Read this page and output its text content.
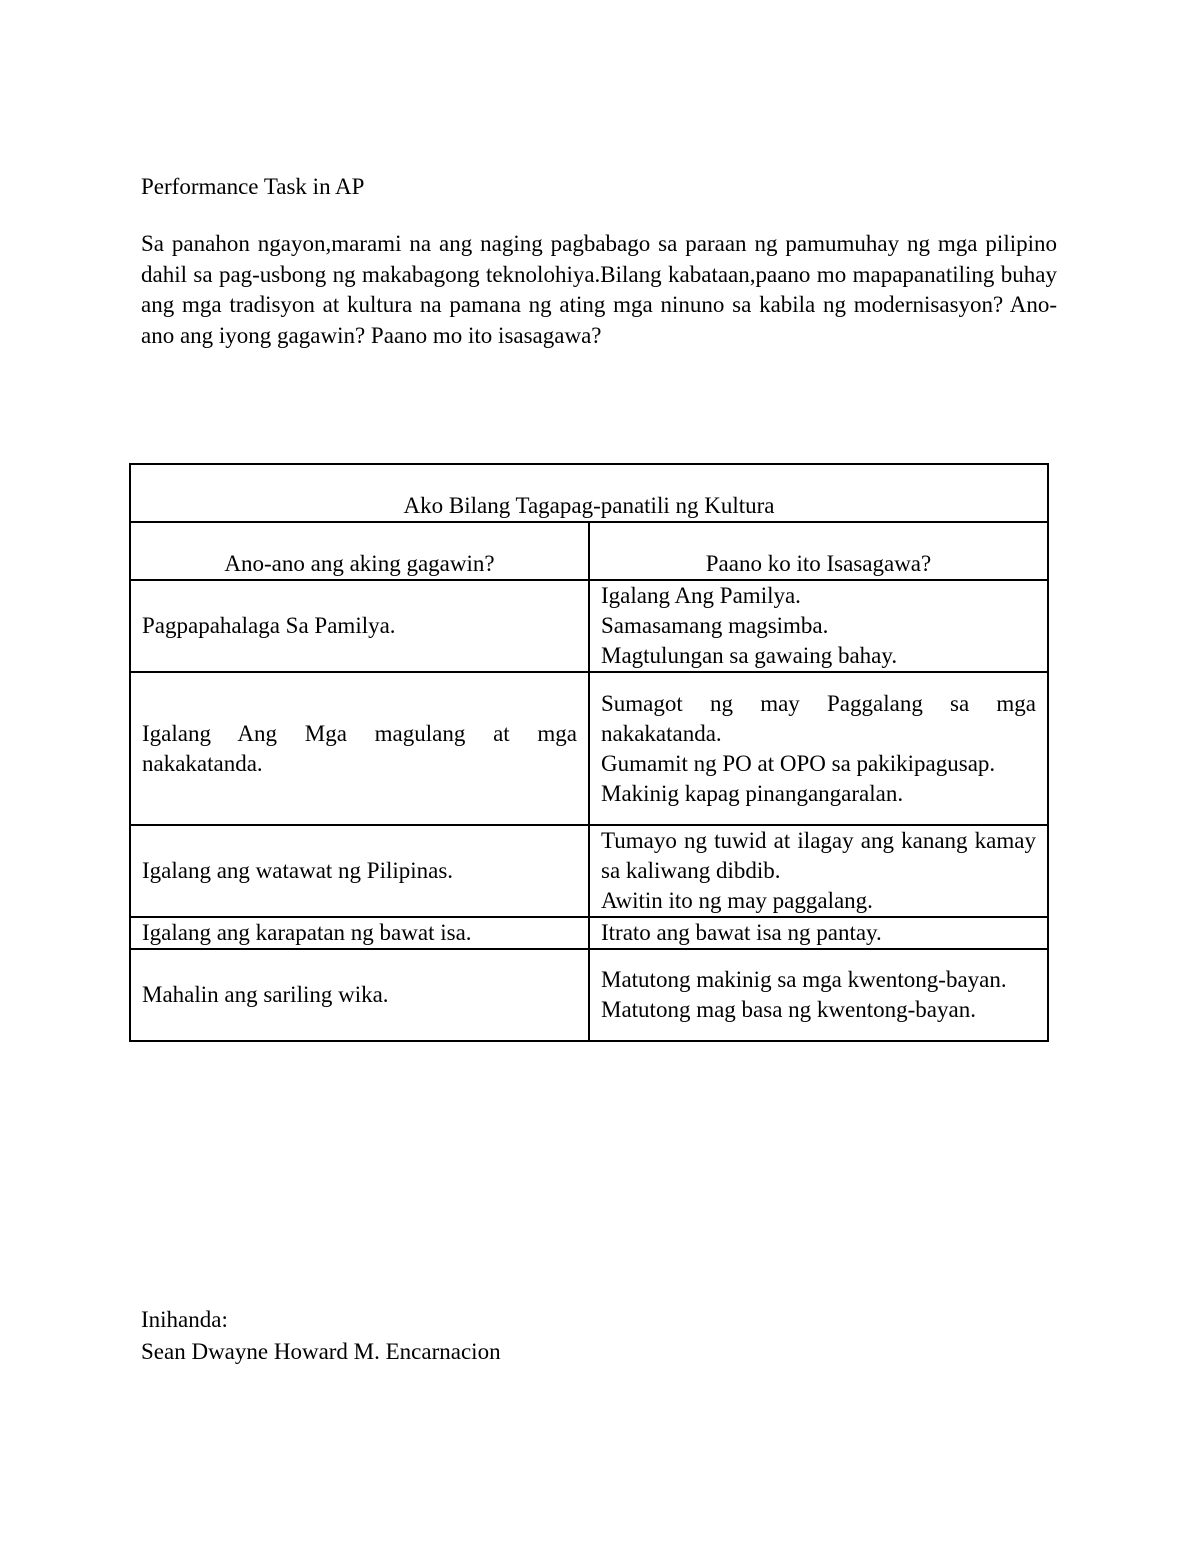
Performance Task in AP

Sa panahon ngayon,marami na ang naging pagbabago sa paraan ng pamumuhay ng mga pilipino dahil sa pag-usbong ng makabagong teknolohiya.Bilang kabataan,paano mo mapapanatiling buhay ang mga tradisyon at kultura na pamana ng ating mga ninuno sa kabila ng modernisasyon? Ano-ano ang iyong gagawin? Paano mo ito isasagawa?

Ako Bilang Tagapag-panatili ng Kultura	
Ano-ano ang aking gagawin?	Paano ko ito Isasagawa?
Pagpapahalaga Sa Pamilya.	Igalang Ang Pamilya.
Samasamang magsimba.
Magtulungan sa gawaing bahay.

Igalang Ang Mga magulang at mga nakakatanda.	Sumagot ng may Paggalang sa mga nakakatanda.
Gumamit ng PO at OPO sa pakikipagusap.
Makinig kapag pinangangaralan.

Igalang ang watawat ng Pilipinas.	Tumayo ng tuwid at ilagay ang kanang kamay sa kaliwang dibdib.
Awitin ito ng may paggalang.

Igalang ang karapatan ng bawat isa.	Itrato ang bawat isa ng pantay.

Mahalin ang sariling wika.	Matutong makinig sa mga kwentong-bayan.
Matutong mag basa ng kwentong-bayan.
Inihanda:
Sean Dwayne Howard M. Encarnacion
